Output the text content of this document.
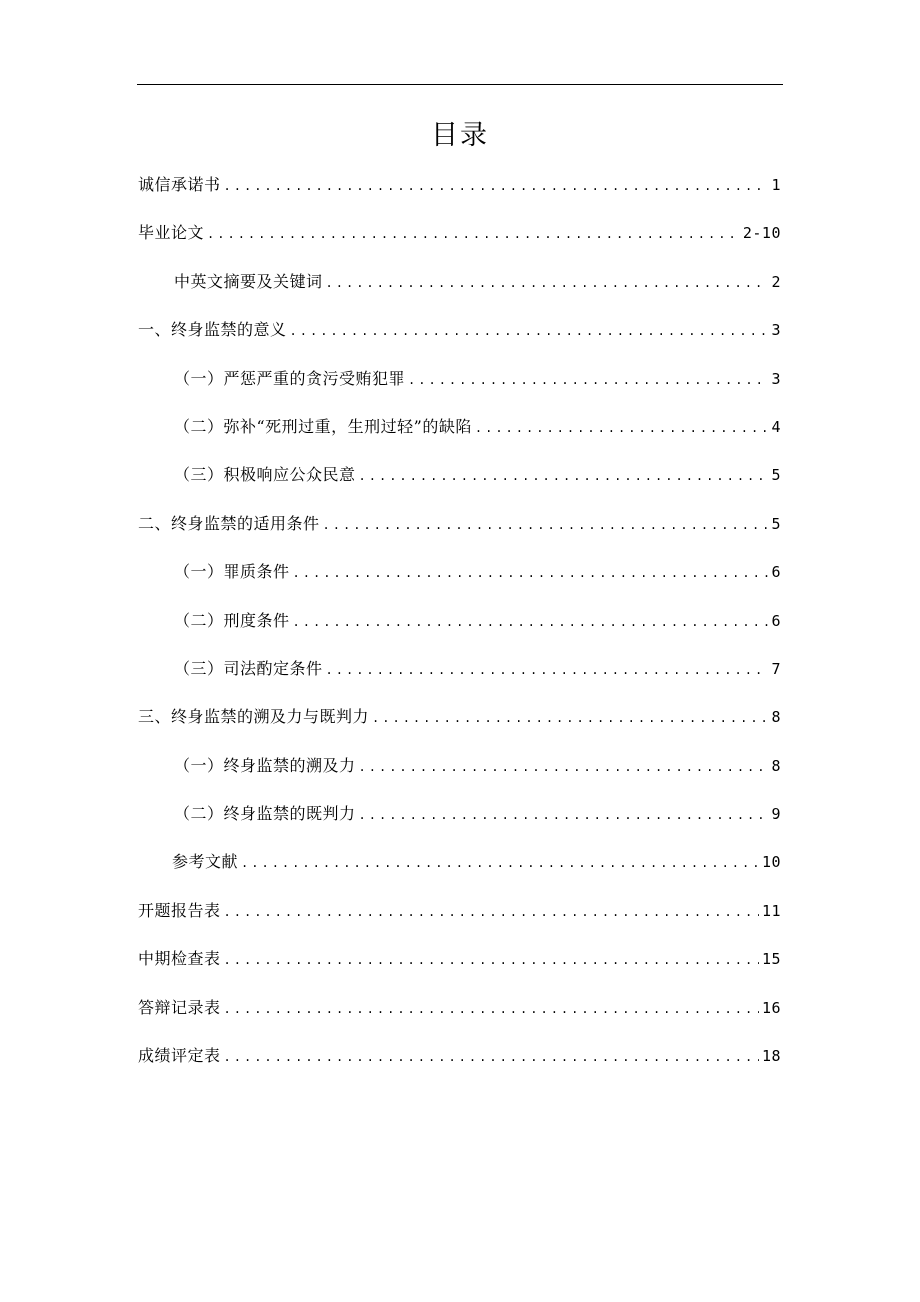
目录
诚信承诺书 .....	1
毕业论文 .....	2-10
中英文摘要及关键词 .....	2
一、终身监禁的意义 .....	3
（一）严惩严重的贪污受贿犯罪 .....	3
（二）弥补“死刑过重，生刑过轻”的缺陷 .....	4
（三）积极响应公众民意 .....	5
二、终身监禁的适用条件 .....	5
（一）罪质条件 .....	6
（二）刑度条件 .....	6
（三）司法酌定条件 .....	7
三、终身监禁的溯及力与既判力 .....	8
（一）终身监禁的溯及力 .....	8
（二）终身监禁的既判力 .....	9
参考文献 .....	10
开题报告表 .....	11
中期检查表 .....	15
答辩记录表 .....	16
成绩评定表 .....	18
